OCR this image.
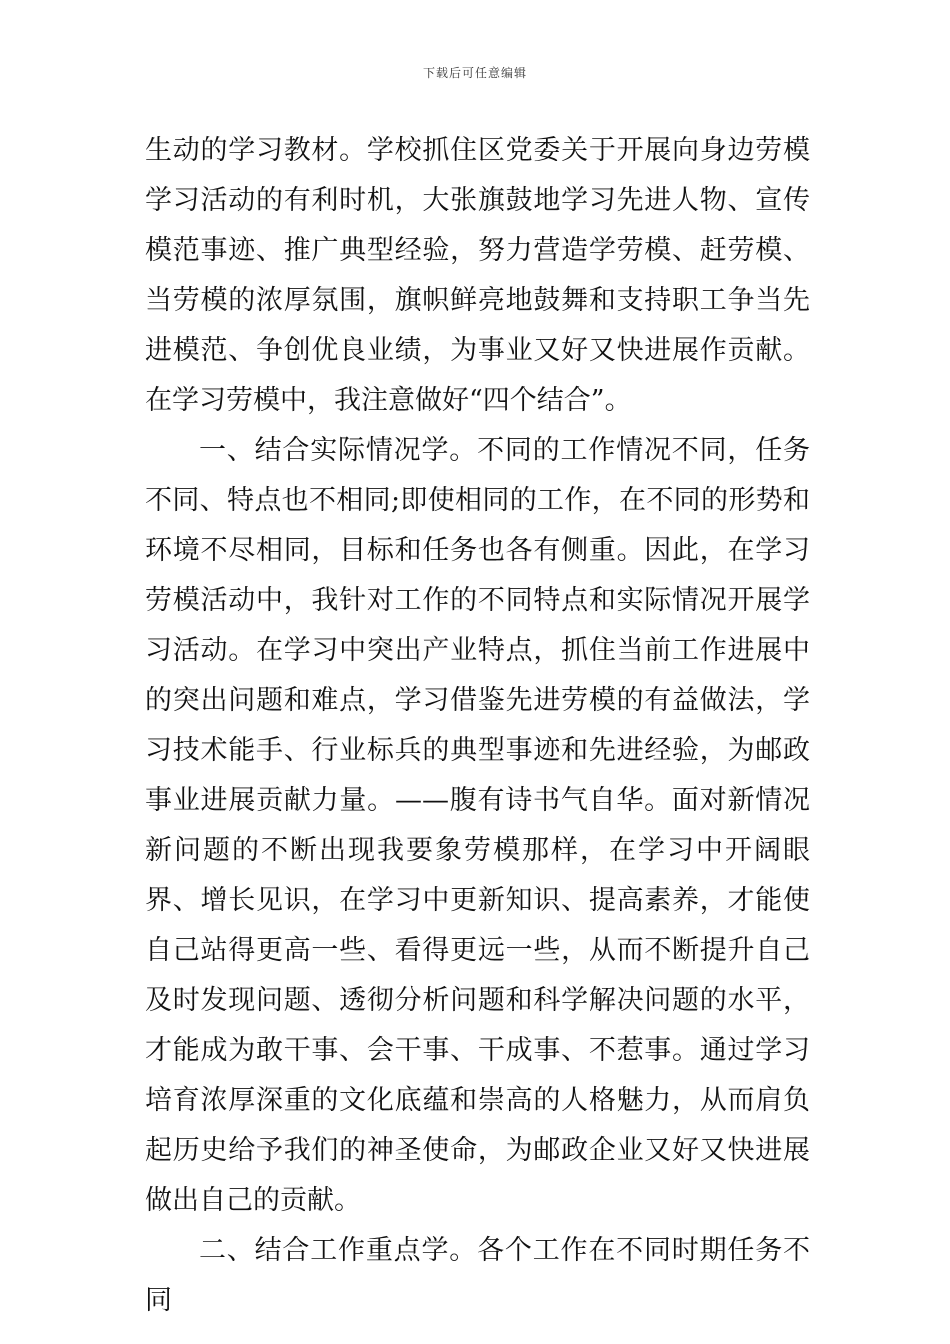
下载后可任意编辑

生动的学习教材。学校抓住区党委关于开展向身边劳模学习活动的有利时机，大张旗鼓地学习先进人物、宣传模范事迹、推广典型经验，努力营造学劳模、赶劳模、当劳模的浓厚氛围，旗帜鲜亮地鼓舞和支持职工争当先进模范、争创优良业绩，为事业又好又快进展作贡献。在学习劳模中，我注意做好“四个结合”。

一、结合实际情况学。不同的工作情况不同，任务不同、特点也不相同;即使相同的工作，在不同的形势和环境不尽相同，目标和任务也各有侧重。因此，在学习劳模活动中，我针对工作的不同特点和实际情况开展学习活动。在学习中突出产业特点，抓住当前工作进展中的突出问题和难点，学习借鉴先进劳模的有益做法，学习技术能手、行业标兵的典型事迹和先进经验，为邮政事业进展贡献力量。——腹有诗书气自华。面对新情况新问题的不断出现我要象劳模那样，在学习中开阔眼界、增长见识，在学习中更新知识、提高素养，才能使自己站得更高一些、看得更远一些，从而不断提升自己及时发现问题、透彻分析问题和科学解决问题的水平，才能成为敢干事、会干事、干成事、不惹事。通过学习培育浓厚深重的文化底蕴和崇高的人格魅力，从而肩负起历史给予我们的神圣使命，为邮政企业又好又快进展做出自己的贡献。

二、结合工作重点学。各个工作在不同时期任务不同
